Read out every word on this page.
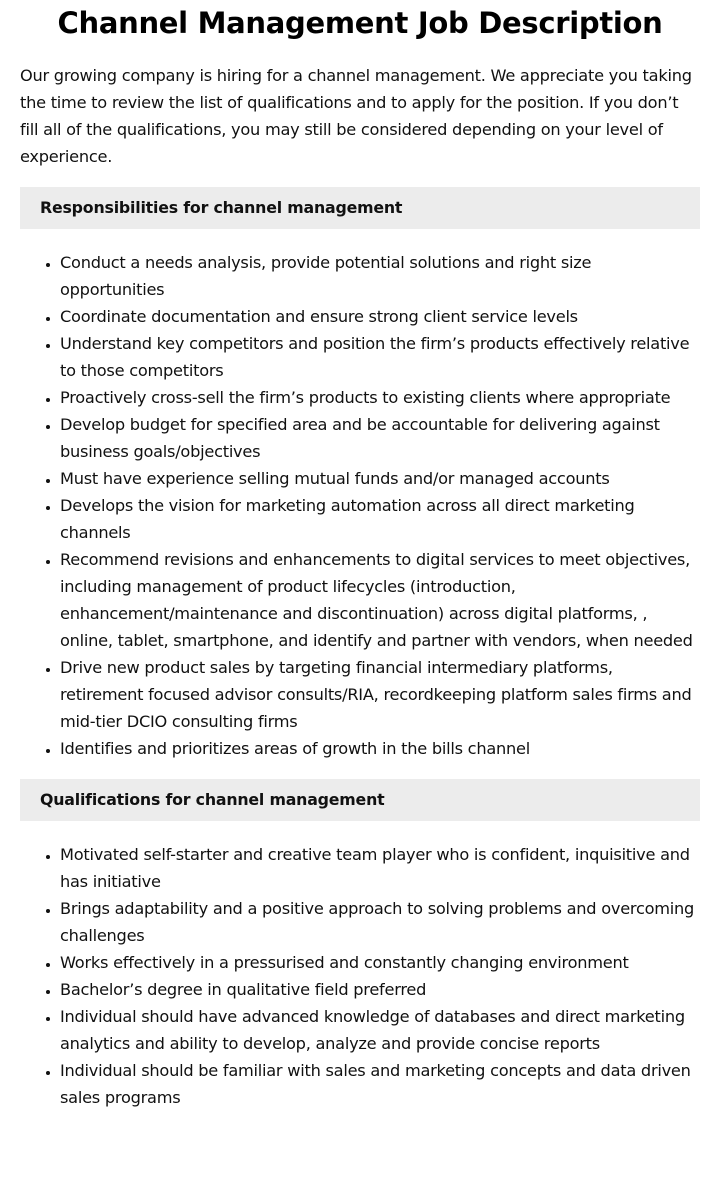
Channel Management Job Description

Our growing company is hiring for a channel management. We appreciate you taking the time to review the list of qualifications and to apply for the position. If you don’t fill all of the qualifications, you may still be considered depending on your level of experience.

Responsibilities for channel management
• Conduct a needs analysis, provide potential solutions and right size opportunities
• Coordinate documentation and ensure strong client service levels
• Understand key competitors and position the firm’s products effectively relative to those competitors
• Proactively cross-sell the firm’s products to existing clients where appropriate
• Develop budget for specified area and be accountable for delivering against business goals/objectives
• Must have experience selling mutual funds and/or managed accounts
• Develops the vision for marketing automation across all direct marketing channels
• Recommend revisions and enhancements to digital services to meet objectives, including management of product lifecycles (introduction, enhancement/maintenance and discontinuation) across digital platforms, , online, tablet, smartphone, and identify and partner with vendors, when needed
• Drive new product sales by targeting financial intermediary platforms, retirement focused advisor consults/RIA, recordkeeping platform sales firms and mid-tier DCIO consulting firms
• Identifies and prioritizes areas of growth in the bills channel
Qualifications for channel management
• Motivated self-starter and creative team player who is confident, inquisitive and has initiative
• Brings adaptability and a positive approach to solving problems and overcoming challenges
• Works effectively in a pressurised and constantly changing environment
• Bachelor’s degree in qualitative field preferred
• Individual should have advanced knowledge of databases and direct marketing analytics and ability to develop, analyze and provide concise reports
• Individual should be familiar with sales and marketing concepts and data driven sales programs
